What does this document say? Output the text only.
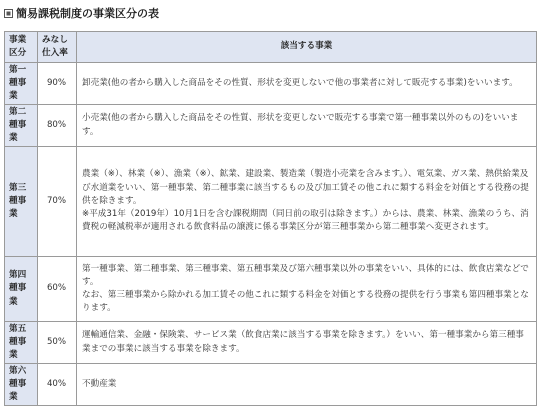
簡易課税制度の事業区分の表
事業区分	みなし仕入率	該当する事業

第一種事業	90%	卸売業(他の者から購入した商品をその性質、形状を変更しないで他の事業者に対して販売する事業)をいいます。

第二種事業	80%	小売業(他の者から購入した商品をその性質、形状を変更しないで販売する事業で第一種事業以外のもの)をいいます。

第三種事業	70%	農業（※）、林業（※）、漁業（※）、鉱業、建設業、製造業（製造小売業を含みます。）、電気業、ガス業、熱供給業及び水道業をいい、第一種事業、第二種事業に該当するもの及び加工賃その他これに類する料金を対価とする役務の提供を除きます。

※平成31年（2019年）10月1日を含む課税期間（同日前の取引は除きます。）からは、農業、林業、漁業のうち、消費税の軽減税率が適用される飲食料品の譲渡に係る事業区分が第三種事業から第二種事業へ変更されます。

第四種事業	60%	第一種事業、第二種事業、第三種事業、第五種事業及び第六種事業以外の事業をいい、具体的には、飲食店業などです。

なお、第三種事業から除かれる加工賃その他これに類する料金を対価とする役務の提供を行う事業も第四種事業となります。

第五種事業	50%	運輸通信業、金融・保険業、サービス業（飲食店業に該当する事業を除きます。）をいい、第一種事業から第三種事業までの事業に該当する事業を除きます。

第六種事業	40%	不動産業
